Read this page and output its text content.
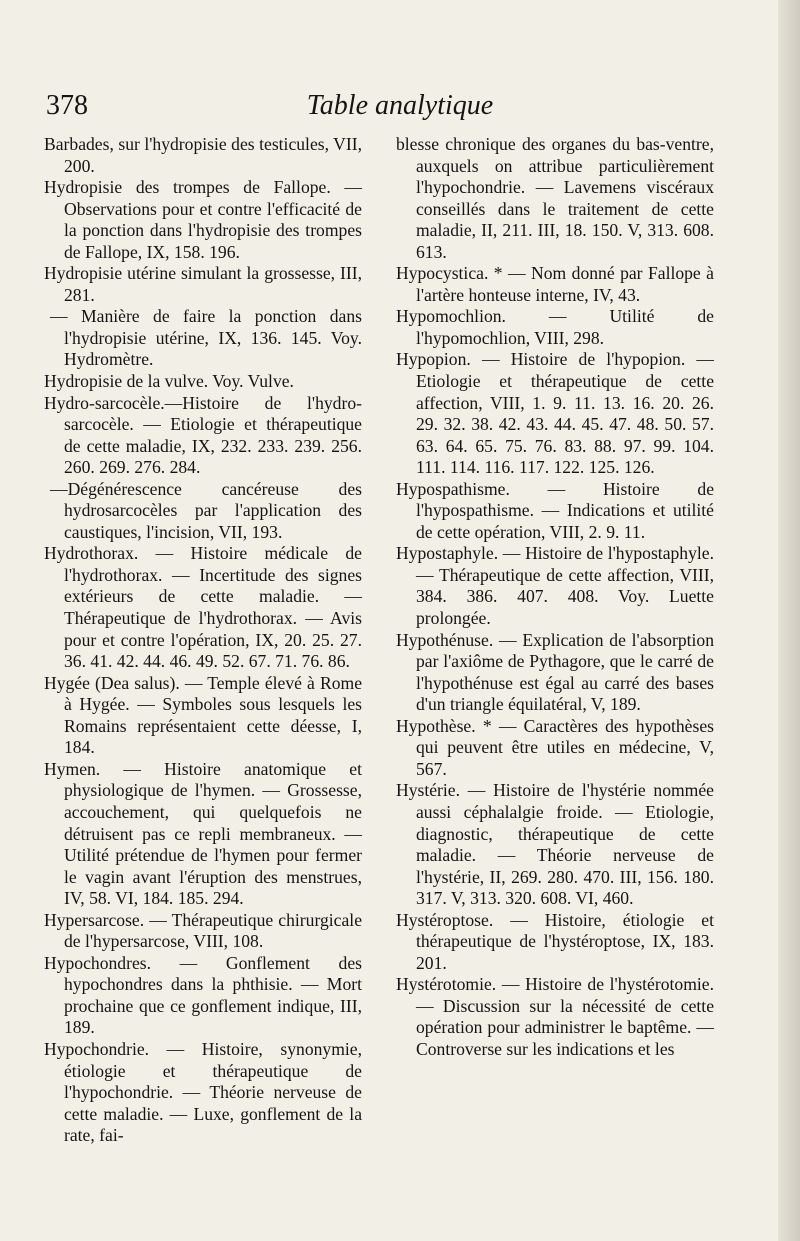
378	Table analytique

Barbades, sur l'hydropisie des testicules, VII, 200.

Hydropisie des trompes de Fallope. — Observations pour et contre l'efficacité de la ponction dans l'hydropisie des trompes de Fallope, IX, 158. 196.

Hydropisie utérine simulant la grossesse, III, 281.

— Manière de faire la ponction dans l'hydropisie utérine, IX, 136. 145. Voy. Hydromètre.

Hydropisie de la vulve. Voy. Vulve.

Hydro-sarcocèle.—Histoire de l'hydro-sarcocèle. — Etiologie et thérapeutique de cette maladie, IX, 232. 233. 239. 256. 260. 269. 276. 284.

—Dégénérescence cancéreuse des hydrosarcocèles par l'application des caustiques, l'incision, VII, 193.

Hydrothorax. — Histoire médicale de l'hydrothorax. — Incertitude des signes extérieurs de cette maladie. — Thérapeutique de l'hydrothorax. — Avis pour et contre l'opération, IX, 20. 25. 27. 36. 41. 42. 44. 46. 49. 52. 67. 71. 76. 86.

Hygée (Dea salus). — Temple élevé à Rome à Hygée. — Symboles sous lesquels les Romains représentaient cette déesse, I, 184.

Hymen. — Histoire anatomique et physiologique de l'hymen. — Grossesse, accouchement, qui quelquefois ne détruisent pas ce repli membraneux. — Utilité prétendue de l'hymen pour fermer le vagin avant l'éruption des menstrues, IV, 58. VI, 184. 185. 294.

Hypersarcose. — Thérapeutique chirurgicale de l'hypersarcose, VIII, 108.

Hypochondres. — Gonflement des hypochondres dans la phthisie. — Mort prochaine que ce gonflement indique, III, 189.

Hypochondrie. — Histoire, synonymie, étiologie et thérapeutique de l'hypochondrie. — Théorie nerveuse de cette maladie. — Luxe, gonflement de la rate, fai-

blesse chronique des organes du bas-ventre, auxquels on attribue particulièrement l'hypochondrie. — Lavemens viscéraux conseillés dans le traitement de cette maladie, II, 211. III, 18. 150. V, 313. 608. 613.

Hypocystica. * — Nom donné par Fallope à l'artère honteuse interne, IV, 43.

Hypomochlion. — Utilité de l'hypomochlion, VIII, 298.

Hypopion. — Histoire de l'hypopion. — Etiologie et thérapeutique de cette affection, VIII, 1. 9. 11. 13. 16. 20. 26. 29. 32. 38. 42. 43. 44. 45. 47. 48. 50. 57. 63. 64. 65. 75. 76. 83. 88. 97. 99. 104. 111. 114. 116. 117. 122. 125. 126.

Hypospathisme. — Histoire de l'hypospathisme. — Indications et utilité de cette opération, VIII, 2. 9. 11.

Hypostaphyle. — Histoire de l'hypostaphyle. — Thérapeutique de cette affection, VIII, 384. 386. 407. 408. Voy. Luette prolongée.

Hypothénuse. — Explication de l'absorption par l'axiôme de Pythagore, que le carré de l'hypothénuse est égal au carré des bases d'un triangle équilatéral, V, 189.

Hypothèse. * — Caractères des hypothèses qui peuvent être utiles en médecine, V, 567.

Hystérie. — Histoire de l'hystérie nommée aussi céphalalgie froide. — Etiologie, diagnostic, thérapeutique de cette maladie. — Théorie nerveuse de l'hystérie, II, 269. 280. 470. III, 156. 180. 317. V, 313. 320. 608. VI, 460.

Hystéroptose. — Histoire, étiologie et thérapeutique de l'hystéroptose, IX, 183. 201.

Hystérotomie. — Histoire de l'hystérotomie. — Discussion sur la nécessité de cette opération pour administrer le baptême. — Controverse sur les indications et les
